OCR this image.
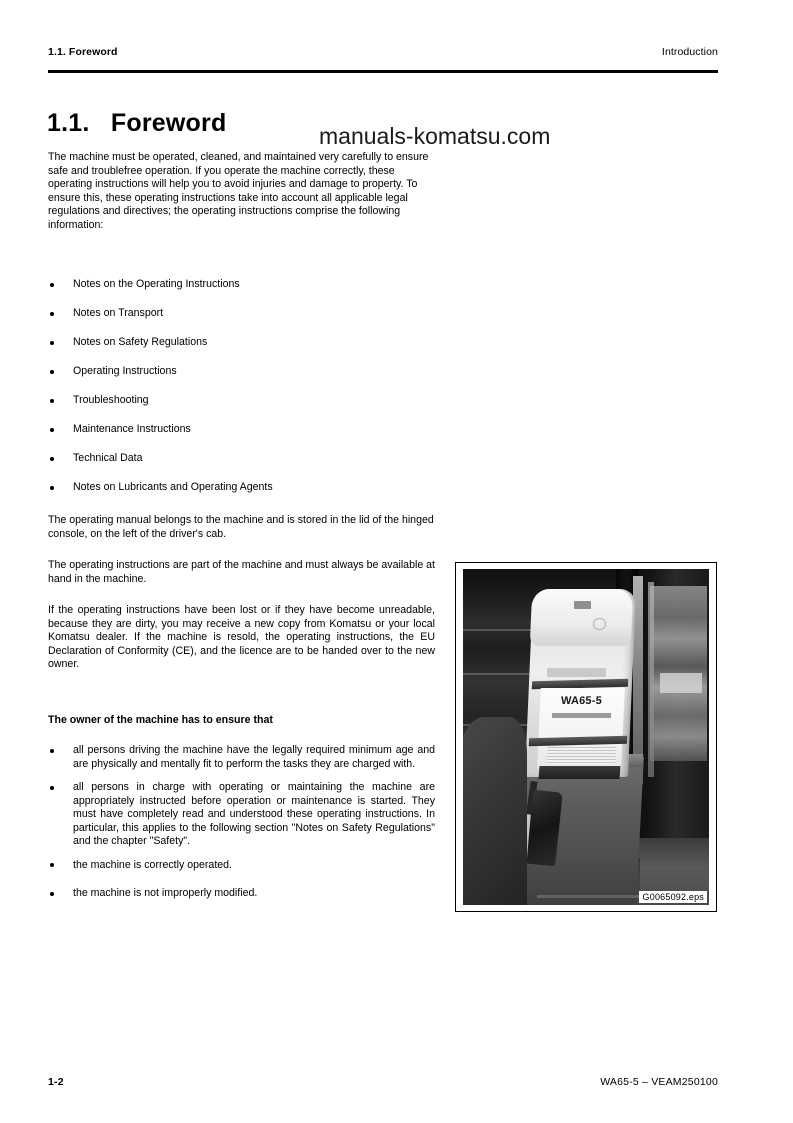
1.1. Foreword	Introduction
1.1.   Foreword	manuals-komatsu.com

The machine must be operated, cleaned, and maintained very carefully to ensure safe and troublefree operation. If you operate the machine correctly, these operating instructions will help you to avoid injuries and damage to property. To ensure this, these operating instructions take into account all applicable legal regulations and directives; the operating instructions comprise the following information:

Notes on the Operating Instructions
Notes on Transport
Notes on Safety Regulations
Operating Instructions
Troubleshooting
Maintenance Instructions
Technical Data
Notes on Lubricants and Operating Agents

The operating manual belongs to the machine and is stored in the lid of the hinged console, on the left of the driver's cab.

The operating instructions are part of the machine and must always be available at hand in the machine.

If the operating instructions have been lost or if they have become unreadable, because they are dirty, you may receive a new copy from Komatsu or your local Komatsu dealer. If the machine is resold, the operating instructions, the EU Declaration of Conformity (CE), and the licence are to be handed over to the new owner.

The owner of the machine has to ensure that

all persons driving the machine have the legally required minimum age and are physically and mentally fit to perform the tasks they are charged with.
all persons in charge with operating or maintaining the machine are appropriately instructed before operation or maintenance is started. They must have completely read and understood these operating instructions. In particular, this applies to the following section "Notes on Safety Regulations" and the chapter "Safety".
the machine is correctly operated.
the machine is not improperly modified.
WA65-5
G0065092.eps
1-2	WA65-5 – VEAM250100
